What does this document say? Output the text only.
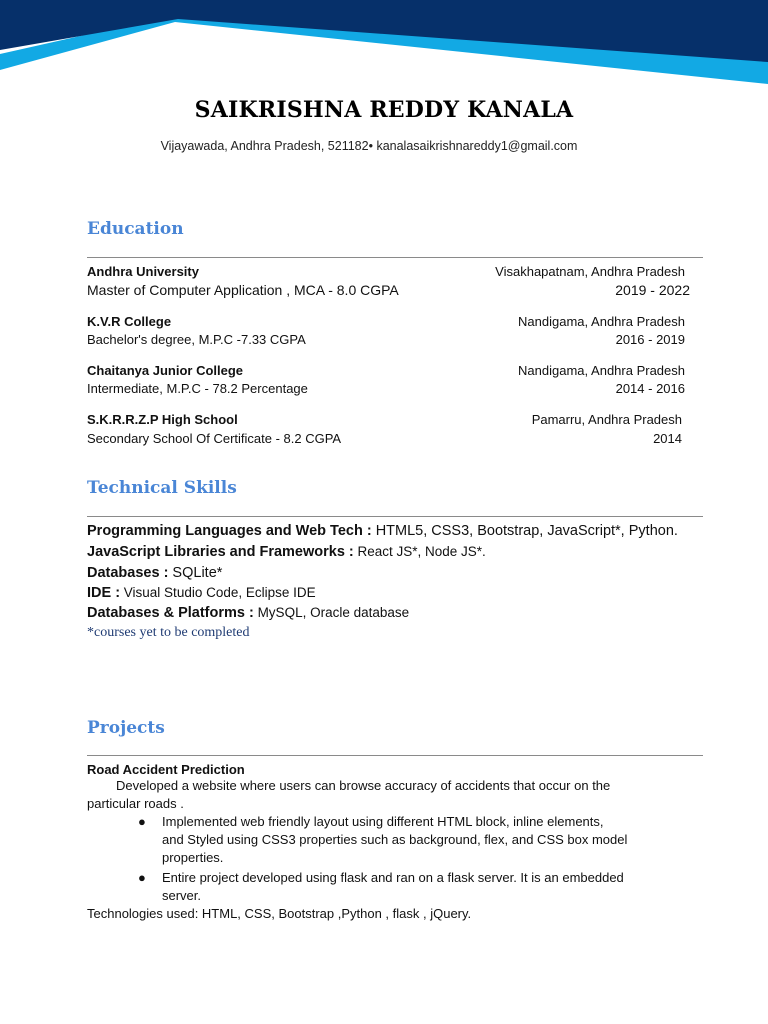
SAIKRISHNA REDDY KANALA
Vijayawada, Andhra Pradesh, 521182• kanalasaikrishnareddy1@gmail.com
Education
Andhra University	Visakhapatnam, Andhra Pradesh
Master of Computer Application , MCA - 8.0 CGPA	2019 - 2022
K.V.R College	Nandigama, Andhra Pradesh
Bachelor's degree, M.P.C -7.33 CGPA	2016 - 2019
Chaitanya Junior College	Nandigama, Andhra Pradesh
Intermediate, M.P.C - 78.2 Percentage	2014 - 2016
S.K.R.R.Z.P High School	Pamarru, Andhra Pradesh
Secondary School Of Certificate - 8.2 CGPA	2014
Technical Skills
Programming Languages and Web Tech : HTML5, CSS3, Bootstrap, JavaScript*, Python.
JavaScript Libraries and Frameworks : React JS*, Node JS*.
Databases : SQLite*
IDE : Visual Studio Code, Eclipse IDE
Databases & Platforms : MySQL, Oracle database
*courses yet to be completed
Projects
Road Accident Prediction
Developed a website where users can browse accuracy of accidents that occur on the
particular roads .
● Implemented web friendly layout using different HTML block, inline elements,
and Styled using CSS3 properties such as background, flex, and CSS box model
properties.
● Entire project developed using flask and ran on a flask server. It is an embedded
server.
Technologies used: HTML, CSS, Bootstrap ,Python , flask , jQuery.
